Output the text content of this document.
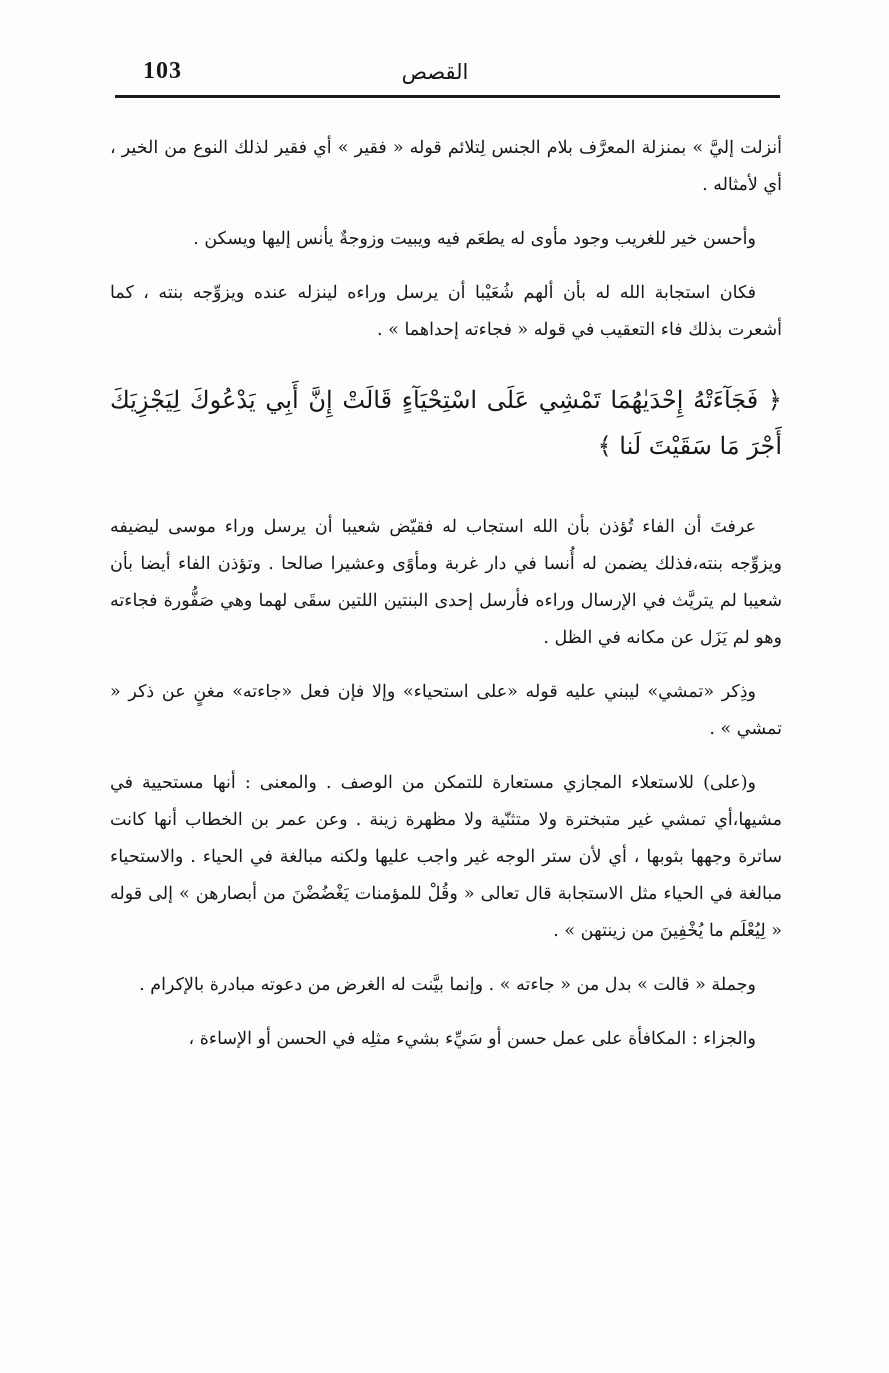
103	القصص

أنزلت إليَّ » بمنزلة المعرَّف بلام الجنس لِتلائم قوله « فقير » أي فقير لذلك النوع من الخير ، أي لأمثاله .

وأحسن خير للغريب وجود مأوى له يطعَم فيه ويبيت وزوجةٌ يأنس إليها ويسكن .

فكان استجابة الله له بأن ألهم شُعَيْبا أن يرسل وراءه لينزله عنده ويزوِّجه بنته ، كما أشعرت بذلك فاء التعقيب في قوله « فجاءته إحداهما » .

﴿ فَجَآءَتْهُ إِحْدَيٰهُمَا تَمْشِي عَلَى اسْتِحْيَآءٍ قَالَتْ إِنَّ أَبِي يَدْعُوكَ لِيَجْزِيَكَ أَجْرَ مَا سَقَيْتَ لَنا ﴾

عرفتَ أن الفاء تُؤذن بأن الله استجاب له فقيّض شعيبا أن يرسل وراء موسى ليضيفه ويزوِّجه بنته،فذلك يضمن له أُنسا في دار غربة ومأوًى وعشيرا صالحا . وتؤذن الفاء أيضا بأن شعيبا لم يتريَّث في الإرسال وراءه فأرسل إحدى البنتين اللتين سقَى لهما وهي صَفُّورة فجاءته وهو لم يَزَل عن مكانه في الظل .

وذِكر «تمشي» ليبني عليه قوله «على استحياء» وإلا فإن فعل «جاءته» مغنٍ عن ذكر « تمشي » .

و(على) للاستعلاء المجازي مستعارة للتمكن من الوصف . والمعنى : أنها مستحيية في مشيها،أي تمشي غير متبخترة ولا متثنّية ولا مظهرة زينة . وعن عمر بن الخطاب أنها كانت ساترة وجهها بثوبها ، أي لأن ستر الوجه غير واجب عليها ولكنه مبالغة في الحياء . والاستحياء مبالغة في الحياء مثل الاستجابة قال تعالى « وقُلْ للمؤمنات يَغْضُضْنَ من أبصارهن » إلى قوله « لِيُعْلَم ما يُخْفِينَ من زينتهن » .

وجملة « قالت » بدل من « جاءته » . وإنما بيَّنت له الغرض من دعوته مبادرة بالإكرام .

والجزاء : المكافأة على عمل حسن أو سَيِّء بشيء مثلِه في الحسن أو الإساءة ،
